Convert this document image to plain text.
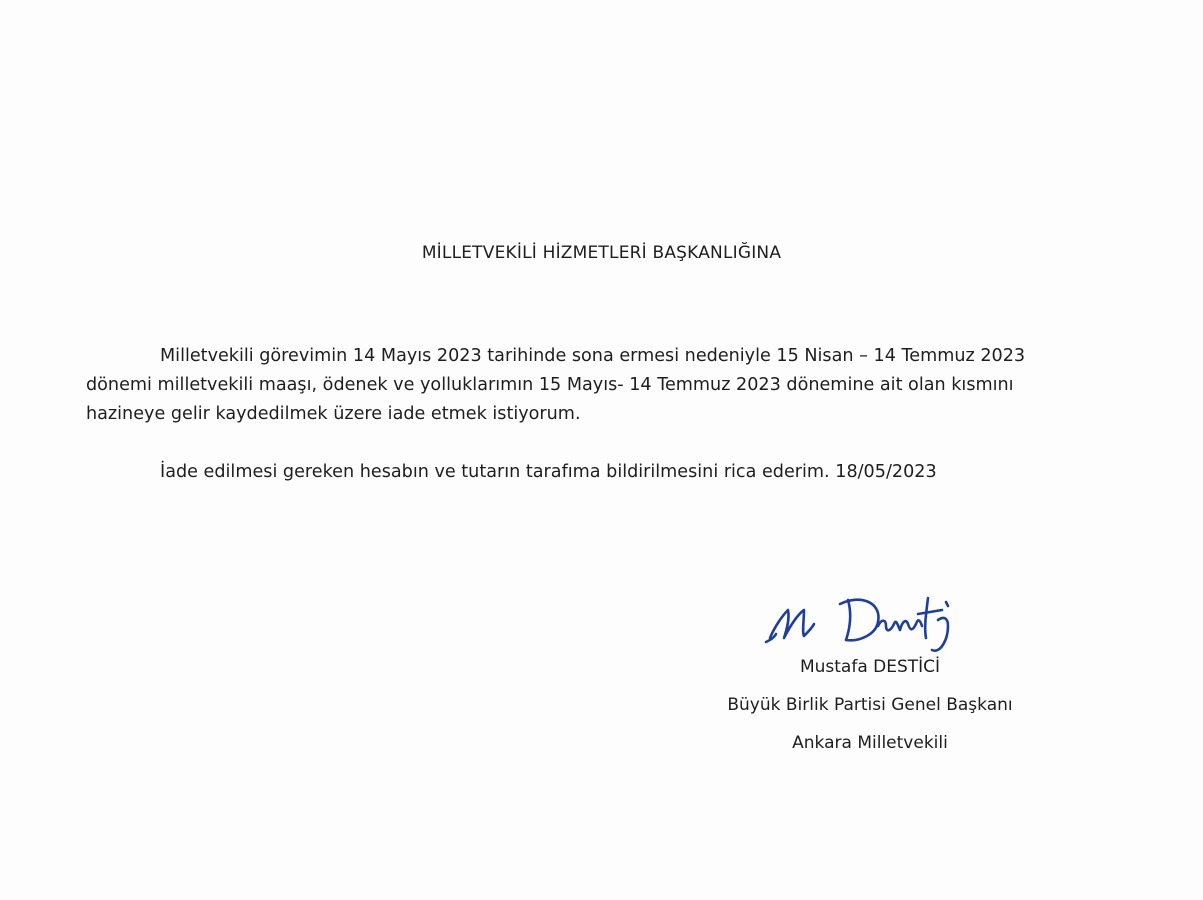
MİLLETVEKİLİ HİZMETLERİ BAŞKANLIĞINA
Milletvekili görevimin 14 Mayıs 2023 tarihinde sona ermesi nedeniyle 15 Nisan – 14 Temmuz 2023
dönemi milletvekili maaşı, ödenek ve yolluklarımın 15 Mayıs- 14 Temmuz 2023 dönemine ait olan kısmını
hazineye gelir kaydedilmek üzere iade etmek istiyorum.
İade edilmesi gereken hesabın ve tutarın tarafıma bildirilmesini rica ederim. 18/05/2023
Mustafa DESTİCİ
Büyük Birlik Partisi Genel Başkanı
Ankara Milletvekili
